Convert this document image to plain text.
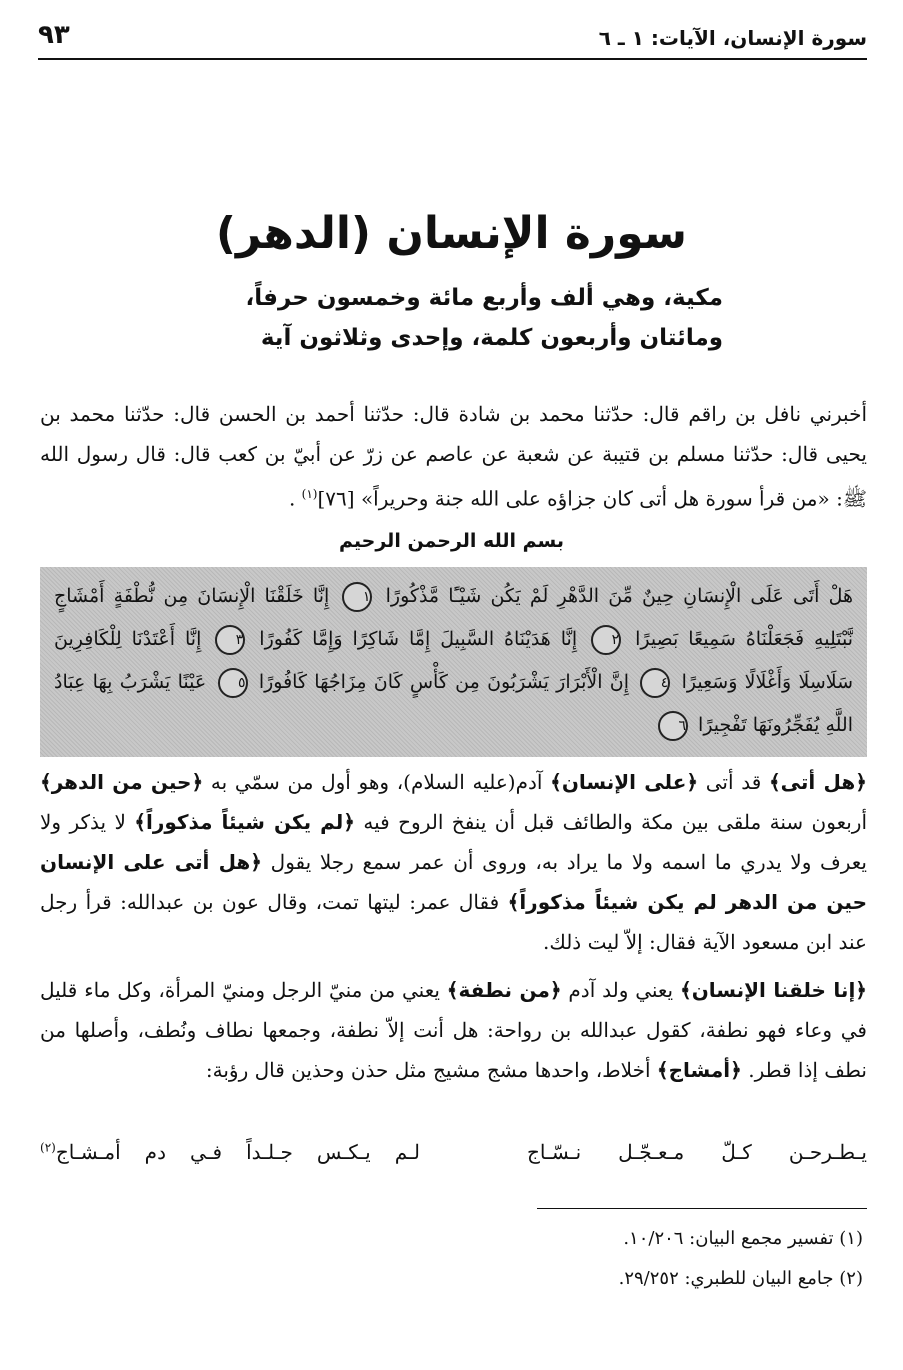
سورة الإنسان، الآيات: ١ ـ ٦
٩٣
سورة الإنسان (الدهر)
مكية، وهي ألف وأربع مائة وخمسون حرفاً،
ومائتان وأربعون كلمة، وإحدى وثلاثون آية
أخبرني نافل بن راقم قال: حدّثنا محمد بن شادة قال: حدّثنا أحمد بن الحسن قال: حدّثنا محمد بن يحيى قال: حدّثنا مسلم بن قتيبة عن شعبة عن عاصم عن زرّ عن أبيّ بن كعب قال: قال رسول الله ﷺ: «من قرأ سورة هل أتى كان جزاؤه على الله جنة وحريراً» [٧٦]$^{(١)}$ .
بسم الله الرحمن الرحيم
هَلْ أَتَى عَلَى الْإِنسَانِ حِينٌ مِّنَ الدَّهْرِ لَمْ يَكُن شَيْـًٔا مَّذْكُورًا ١ إِنَّا خَلَقْنَا الْإِنسَانَ مِن نُّطْفَةٍ أَمْشَاجٍ
نَّبْتَلِيهِ فَجَعَلْنَاهُ سَمِيعًا بَصِيرًا ٢ إِنَّا هَدَيْنَاهُ السَّبِيلَ إِمَّا شَاكِرًا وَإِمَّا كَفُورًا ٣ إِنَّا أَعْتَدْنَا لِلْكَافِرِينَ
سَلَاسِلَا وَأَغْلَالًا وَسَعِيرًا ٤ إِنَّ الْأَبْرَارَ يَشْرَبُونَ مِن كَأْسٍ كَانَ مِزَاجُهَا كَافُورًا ٥ عَيْنًا يَشْرَبُ بِهَا عِبَادُ
اللَّهِ يُفَجِّرُونَهَا تَفْجِيرًا ٦
﴿هل أتى﴾ قد أتى ﴿على الإنسان﴾ آدم(عليه السلام)، وهو أول من سمّي به ﴿حين من الدهر﴾ أربعون سنة ملقى بين مكة والطائف قبل أن ينفخ الروح فيه ﴿لم يكن شيئاً مذكوراً﴾ لا يذكر ولا يعرف ولا يدري ما اسمه ولا ما يراد به، وروى أن عمر سمع رجلا يقول ﴿هل أتى على الإنسان حين من الدهر لم يكن شيئاً مذكوراً﴾ فقال عمر: ليتها تمت، وقال عون بن عبدالله: قرأ رجل عند ابن مسعود الآية فقال: إلاّ ليت ذلك.
﴿إنا خلقنا الإنسان﴾ يعني ولد آدم ﴿من نطفة﴾ يعني من منيّ الرجل ومنيّ المرأة، وكل ماء قليل في وعاء فهو نطفة، كقول عبدالله بن رواحة: هل أنت إلاّ نطفة، وجمعها نطاف ونُطف، وأصلها من نطف إذا قطر. ﴿أمشاج﴾ أخلاط، واحدها مشج مشيج مثل حذن وحذين قال رؤبة:
يـطـرحـن كـلّ مـعـجّـل نـسّـاج
لـم يـكـس جـلـداً فـي دم أمـشـاج$^{(٢)}$
(١) تفسير مجمع البيان: ١٠/٢٠٦.
(٢) جامع البيان للطبري: ٢٩/٢٥٢.
